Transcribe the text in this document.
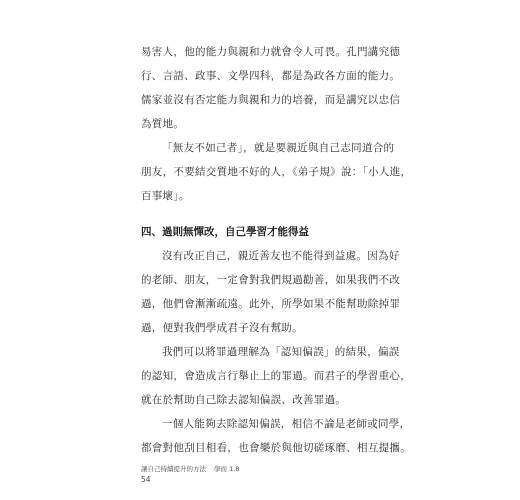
易害人，他的能力與親和力就會令人可畏。孔門講究德
行、言語、政事、文學四科，都是為政各方面的能力。
儒家並沒有否定能力與親和力的培養，而是講究以忠信
為質地。
「無友不如己者」，就是要親近與自己志同道合的
朋友，不要結交質地不好的人，《弟子規》說：「小人進，
百事壞」。
四、過則無憚改，自己學習才能得益
沒有改正自己，親近善友也不能得到益處。因為好
的老師、朋友，一定會對我們規過勸善，如果我們不改
過，他們會漸漸疏遠。此外，所學如果不能幫助除掉罪
過，便對我們學成君子沒有幫助。
我們可以將罪過理解為「認知偏誤」的結果，偏誤
的認知，會造成言行舉止上的罪過。而君子的學習重心，
就在於幫助自己除去認知偏誤、改善罪過。
一個人能夠去除認知偏誤，相信不論是老師或同學，
都會對他刮目相看，也會樂於與他切磋琢磨、相互提攜。
讓自己持續提升的方法 學而 1.8
54
